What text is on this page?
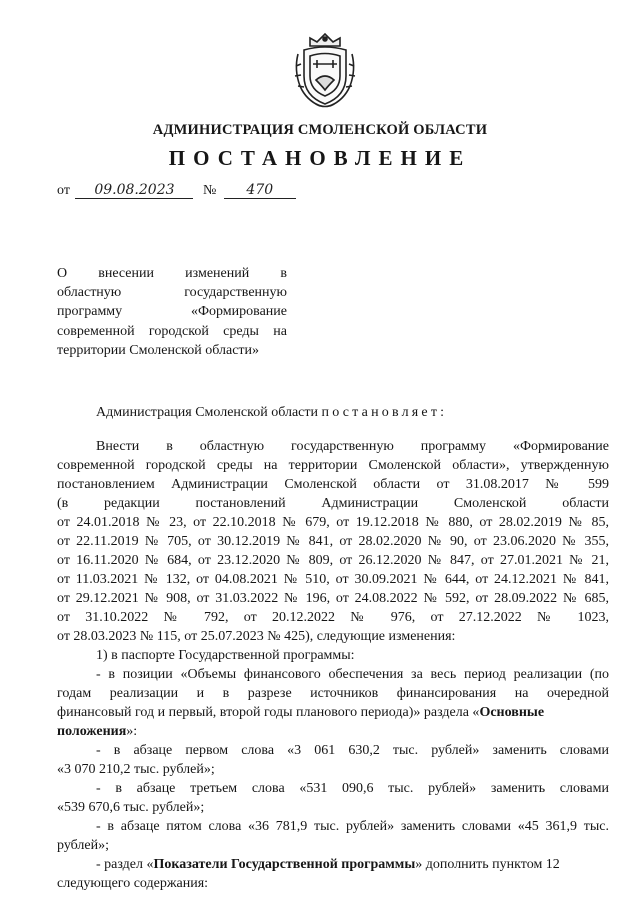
АДМИНИСТРАЦИЯ СМОЛЕНСКОЙ ОБЛАСТИ
ПОСТАНОВЛЕНИЕ
от 09.08.2023 № 470
О внесении изменений в
областную государственную
программу «Формирование
современной городской среды на
территории Смоленской области»
Администрация Смоленской области постановляет:
Внести в областную государственную программу «Формирование
современной городской среды на территории Смоленской области», утвержденную
постановлением Администрации Смоленской области от 31.08.2017 № 599
(в редакции постановлений Администрации Смоленской области
от 24.01.2018 № 23, от 22.10.2018 № 679, от 19.12.2018 № 880, от 28.02.2019 № 85,
от 22.11.2019 № 705, от 30.12.2019 № 841, от 28.02.2020 № 90, от 23.06.2020 № 355,
от 16.11.2020 № 684, от 23.12.2020 № 809, от 26.12.2020 № 847, от 27.01.2021 № 21,
от 11.03.2021 № 132, от 04.08.2021 № 510, от 30.09.2021 № 644, от 24.12.2021 № 841,
от 29.12.2021 № 908, от 31.03.2022 № 196, от 24.08.2022 № 592, от 28.09.2022 № 685,
от 31.10.2022 № 792, от 20.12.2022 № 976, от 27.12.2022 № 1023,
от 28.03.2023 № 115, от 25.07.2023 № 425), следующие изменения:
1) в паспорте Государственной программы:
- в позиции «Объемы финансового обеспечения за весь период реализации (по
годам реализации и в разрезе источников финансирования на очередной
финансовый год и первый, второй годы планового периода)» раздела «Основные
положения»:
- в абзаце первом слова «3 061 630,2 тыс. рублей» заменить словами
«3 070 210,2 тыс. рублей»;
- в абзаце третьем слова «531 090,6 тыс. рублей» заменить словами
«539 670,6 тыс. рублей»;
- в абзаце пятом слова «36 781,9 тыс. рублей» заменить словами «45 361,9 тыс.
рублей»;
- раздел «Показатели Государственной программы» дополнить пунктом 12
следующего содержания:
